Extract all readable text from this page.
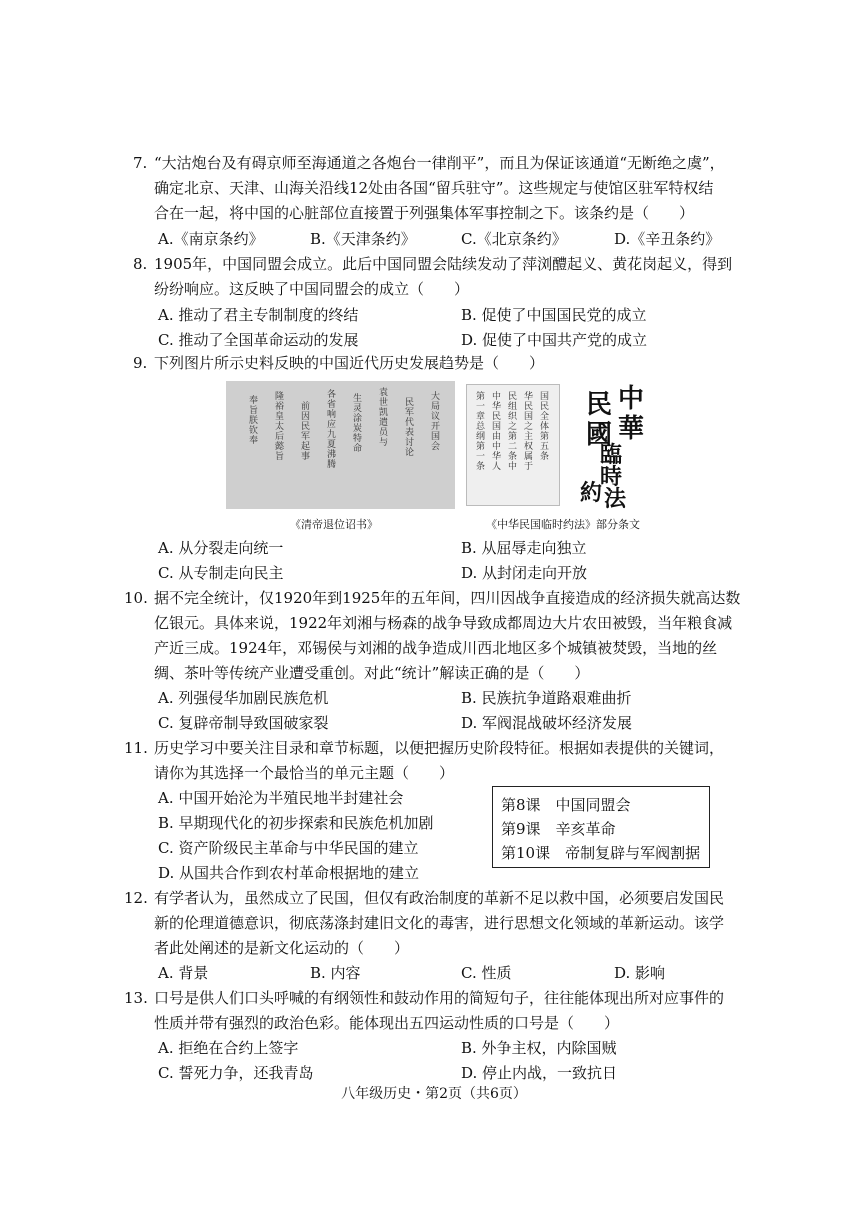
7. “大沽炮台及有碍京师至海通道之各炮台一律削平”，而且为保证该通道“无断绝之虞”，
确定北京、天津、山海关沿线12处由各国“留兵驻守”。这些规定与使馆区驻军特权结
合在一起，将中国的心脏部位直接置于列强集体军事控制之下。该条约是（　　）
A.《南京条约》	B.《天津条约》	C.《北京条约》	D.《辛丑条约》
8. 1905年，中国同盟会成立。此后中国同盟会陆续发动了萍浏醴起义、黄花岗起义，得到
纷纷响应。这反映了中国同盟会的成立（　　）
A. 推动了君主专制制度的终结	B. 促使了中国国民党的成立
C. 推动了全国革命运动的发展	D. 促使了中国共产党的成立
9. 下列图片所示史料反映的中国近代历史发展趋势是（　　）
奉旨朕钦奉 隆裕皇太后懿旨 前因民军起事 各省响应九夏沸腾 生灵涂炭特命 袁世凯遣员与 民军代表讨论 大局议开国会
《清帝退位诏书》
第一章总纲第一条 中华民国由中华人 民组织之第二条中 华民国之主权属于 国民全体第五条	中
華
民
國
臨
時
約 法
《中华民国临时约法》部分条文
A. 从分裂走向统一	B. 从屈辱走向独立
C. 从专制走向民主	D. 从封闭走向开放
10. 据不完全统计，仅1920年到1925年的五年间，四川因战争直接造成的经济损失就高达数
亿银元。具体来说，1922年刘湘与杨森的战争导致成都周边大片农田被毁，当年粮食减
产近三成。1924年，邓锡侯与刘湘的战争造成川西北地区多个城镇被焚毁，当地的丝
绸、茶叶等传统产业遭受重创。对此“统计”解读正确的是（　　）
A. 列强侵华加剧民族危机	B. 民族抗争道路艰难曲折
C. 复辟帝制导致国破家裂	D. 军阀混战破坏经济发展
11. 历史学习中要关注目录和章节标题，以便把握历史阶段特征。根据如表提供的关键词，
请你为其选择一个最恰当的单元主题（　　）
A. 中国开始沦为半殖民地半封建社会
B. 早期现代化的初步探索和民族危机加剧
C. 资产阶级民主革命与中华民国的建立
D. 从国共合作到农村革命根据地的建立
第8课　中国同盟会
第9课　辛亥革命
第10课　帝制复辟与军阀割据
12. 有学者认为，虽然成立了民国，但仅有政治制度的革新不足以救中国，必须要启发国民
新的伦理道德意识，彻底荡涤封建旧文化的毒害，进行思想文化领域的革新运动。该学
者此处阐述的是新文化运动的（　　）
A. 背景	B. 内容	C. 性质	D. 影响
13. 口号是供人们口头呼喊的有纲领性和鼓动作用的简短句子，往往能体现出所对应事件的
性质并带有强烈的政治色彩。能体现出五四运动性质的口号是（　　）
A. 拒绝在合约上签字	B. 外争主权，内除国贼
C. 誓死力争，还我青岛	D. 停止内战，一致抗日
八年级历史・第2页（共6页）
